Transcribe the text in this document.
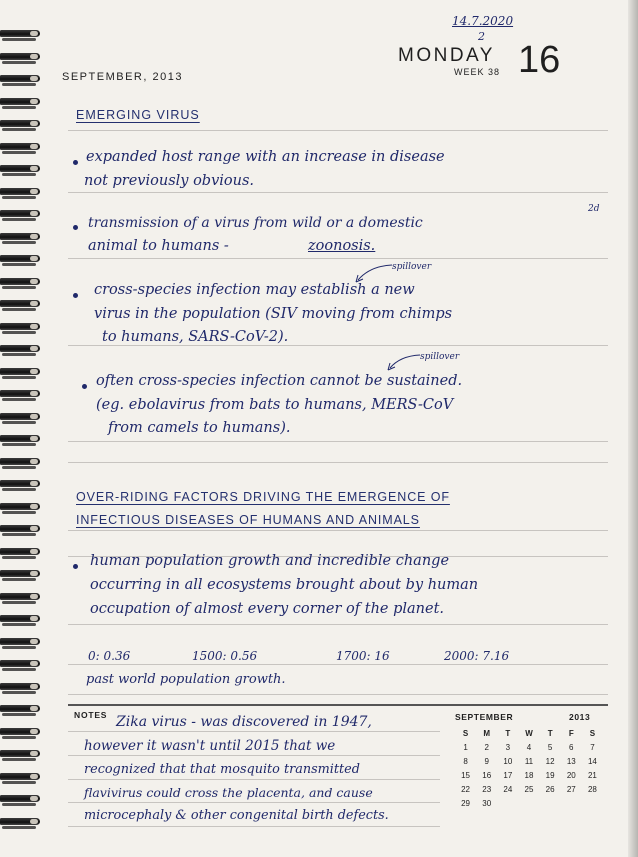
14.7.2020
2
MONDAY
WEEK 38 16
SEPTEMBER, 2013
EMERGING VIRUS
expanded host range with an increase in disease
not previously obvious.
2d
transmission of a virus from wild or a domestic
animal to humans -	zoonosis.
spillover
cross-species infection may establish a new
virus in the population (SIV moving from chimps
to humans, SARS-CoV-2).
spillover
often cross-species infection cannot be sustained.
(eg. ebolavirus from bats to humans, MERS-CoV
from camels to humans).
OVER-RIDING FACTORS DRIVING THE EMERGENCE OF
INFECTIOUS DISEASES OF HUMANS AND ANIMALS
human population growth and incredible change
occurring in all ecosystems brought about by human
occupation of almost every corner of the planet.
0: 0.36	1500: 0.56	1700: 16	2000: 7.16
past world population growth.
NOTES Zika virus - was discovered in 1947,
however it wasn't until 2015 that we
recognized that that mosquito transmitted
flavivirus could cross the placenta, and cause
microcephaly & other congenital birth defects.
SEPTEMBER	2013
S	M	T	W	T	F	S
1	2	3	4	5	6	7
8	9	10	11	12	13	14
15	16	17	18	19	20	21
22	23	24	25	26	27	28
29	30					
